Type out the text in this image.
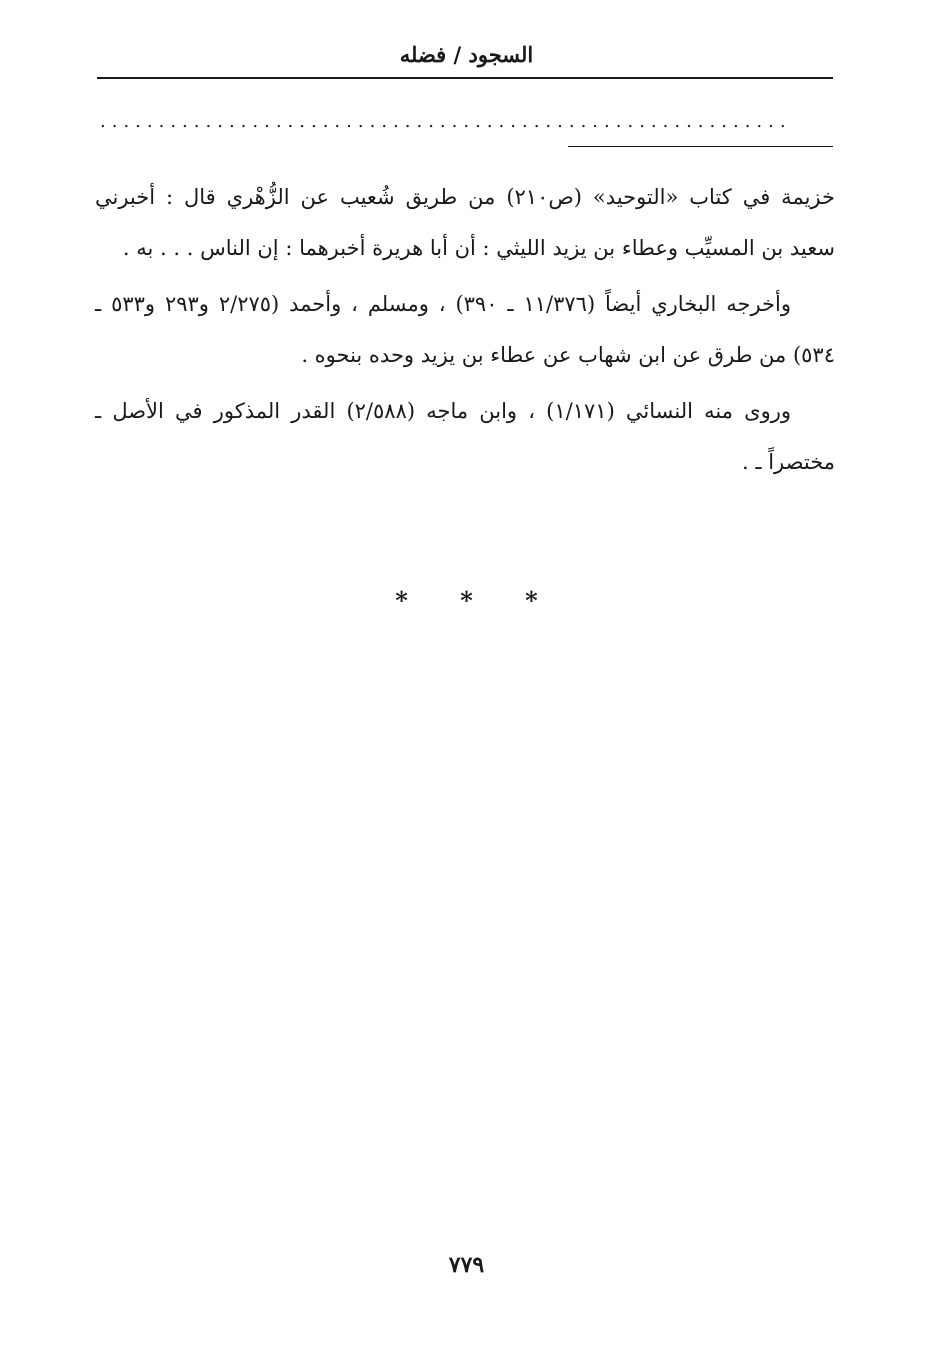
السجود / فضله
...........................................................

خزيمة في كتاب «التوحيد» (ص٢١٠) من طريق شُعيب عن الزُّهْري قال : أخبرني سعيد بن المسيِّب وعطاء بن يزيد الليثي : أن أبا هريرة أخبرهما : إن الناس . . . به .

وأخرجه البخاري أيضاً (١١/٣٧٦ ـ ٣٩٠) ، ومسلم ، وأحمد (٢/٢٧٥ و٢٩٣ و٥٣٣ ـ ٥٣٤) من طرق عن ابن شهاب عن عطاء بن يزيد وحده بنحوه .

وروى منه النسائي (١/١٧١) ، وابن ماجه (٢/٥٨٨) القدر المذكور في الأصل ـ مختصراً ـ .

* * *
٧٧٩
